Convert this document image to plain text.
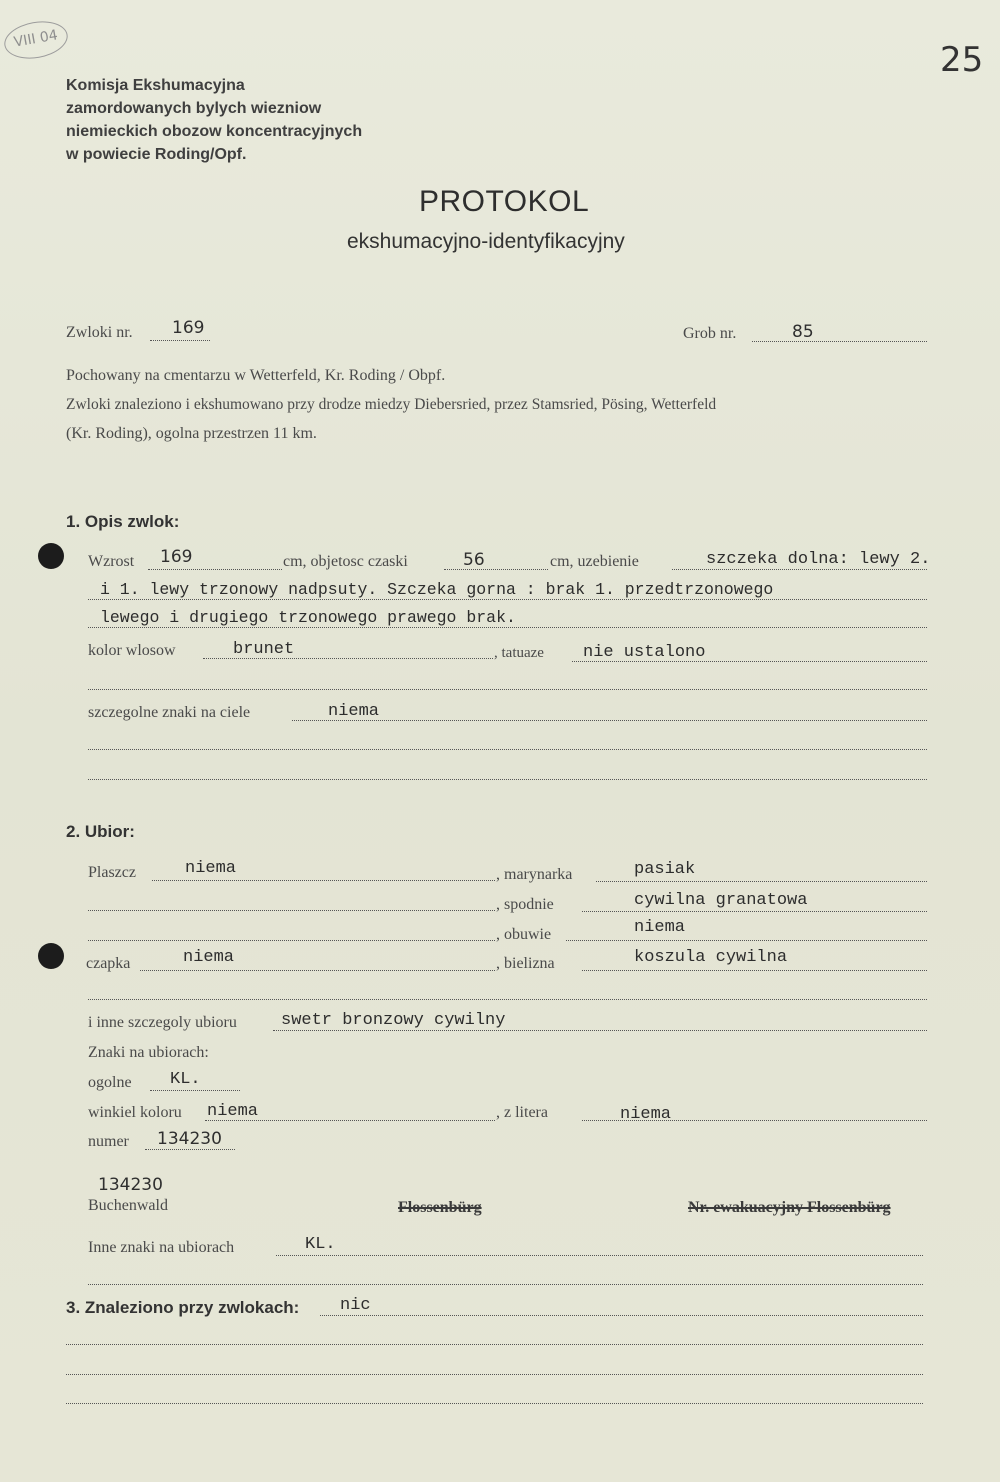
VIII 04
25
Komisja Ekshumacyjna
zamordowanych bylych wiezniow
niemieckich obozow koncentracyjnych
w powiecie Roding/Opf.
PROTOKOL
ekshumacyjno-identyfikacyjny
Zwloki nr. 169	Grob nr.	85
Pochowany na cmentarzu w Wetterfeld, Kr. Roding / Obpf.
Zwloki znaleziono i ekshumowano przy drodze miedzy Diebersried, przez Stamsried, Pösing, Wetterfeld
(Kr. Roding), ogolna przestrzen 11 km.
1. Opis zwlok:
Wzrost 169	cm, objetosc czaski	56	cm, uzebienie	szczeka dolna: lewy 2.
i 1. lewy trzonowy nadpsuty. Szczeka gorna : brak 1. przedtrzonowego
lewego i drugiego trzonowego prawego brak.
kolor wlosow	brunet	, tatuaze nie ustalono
szczegolne znaki na ciele	niema
2. Ubior:
Plaszcz	niema	, marynarka	pasiak
, spodnie	cywilna granatowa
, obuwie	niema
czapka	niema	, bielizna	koszula cywilna
i inne szczegoly ubioru	swetr bronzowy cywilny
Znaki na ubiorach:
ogolne KL.
winkiel koloru niema	, z litera	niema
numer 134230
134230
Buchenwald	Flossenbürg	Nr. ewakuacyjny Flossenbürg
Inne znaki na ubiorach	KL.
3. Znaleziono przy zwlokach: nic
